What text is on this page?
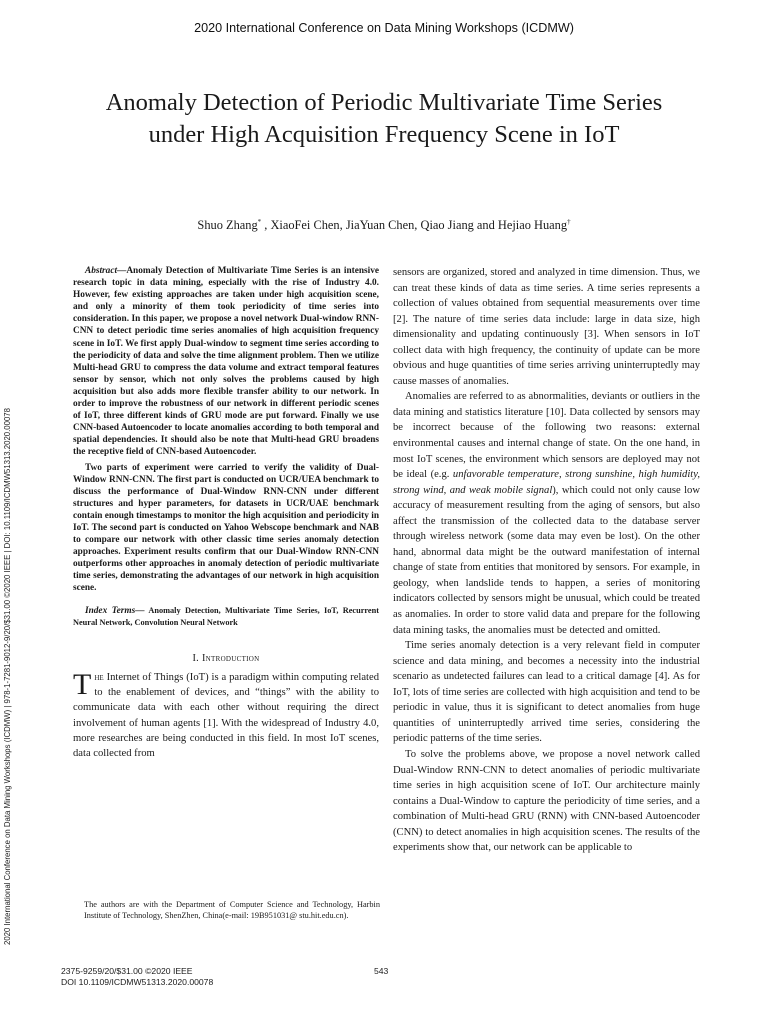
2020 International Conference on Data Mining Workshops (ICDMW)
2020 International Conference on Data Mining Workshops (ICDMW) | 978-1-7281-9012-9/20/$31.00 ©2020 IEEE | DOI: 10.1109/ICDMW51313.2020.00078
Anomaly Detection of Periodic Multivariate Time Series under High Acquisition Frequency Scene in IoT
Shuo Zhang* , XiaoFei Chen, JiaYuan Chen, Qiao Jiang and Hejiao Huang†

Abstract—Anomaly Detection of Multivariate Time Series is an intensive research topic in data mining, especially with the rise of Industry 4.0. However, few existing approaches are taken under high acquisition scene, and only a minority of them took periodicity of time series into consideration. In this paper, we propose a novel network Dual-window RNN-CNN to detect periodic time series anomalies of high acquisition frequency scene in IoT. We first apply Dual-window to segment time series according to the periodicity of data and solve the time alignment problem. Then we utilize Multi-head GRU to compress the data volume and extract temporal features sensor by sensor, which not only solves the problems caused by high acquisition but also adds more flexible transfer ability to our network. In order to improve the robustness of our network in different periodic scenes of IoT, three different kinds of GRU mode are put forward. Finally we use CNN-based Autoencoder to locate anomalies according to both temporal and spatial dependencies. It should also be note that Multi-head GRU broadens the receptive field of CNN-based Autoencoder.

Two parts of experiment were carried to verify the validity of Dual-Window RNN-CNN. The first part is conducted on UCR/UEA benchmark to discuss the performance of Dual-Window RNN-CNN under different structures and hyper parameters, for datasets in UCR/UAE benchmark contain enough timestamps to monitor the high acquisition and periodicity in IoT. The second part is conducted on Yahoo Webscope benchmark and NAB to compare our network with other classic time series anomaly detection approaches. Experiment results confirm that our Dual-Window RNN-CNN outperforms other approaches in anomaly detection of periodic multivariate time series, demonstrating the advantages of our network in high acquisition scene.

Index Terms— Anomaly Detection, Multivariate Time Series, IoT, Recurrent Neural Network, Convolution Neural Network

I. Introduction

The Internet of Things (IoT) is a paradigm within computing related to the enablement of devices, and “things” with the ability to communicate data with each other without requiring the direct involvement of human agents [1]. With the widespread of Industry 4.0, more researches are being conducted in this field. In most IoT scenes, data collected from

The authors are with the Department of Computer Science and Technology, Harbin Institute of Technology, ShenZhen, China(e-mail: 19B951031@ stu.hit.edu.cn).

sensors are organized, stored and analyzed in time dimension. Thus, we can treat these kinds of data as time series. A time series represents a collection of values obtained from sequential measurements over time [2]. The nature of time series data include: large in data size, high dimensionality and updating continuously [3]. When sensors in IoT collect data with high frequency, the continuity of update can be more obvious and huge quantities of time series arriving uninterruptedly may cause masses of anomalies.

Anomalies are referred to as abnormalities, deviants or outliers in the data mining and statistics literature [10]. Data collected by sensors may be incorrect because of the following two reasons: external environmental causes and internal change of state. On the one hand, in most IoT scenes, the environment which sensors are deployed may not be ideal (e.g. unfavorable temperature, strong sunshine, high humidity, strong wind, and weak mobile signal), which could not only cause low accuracy of measurement resulting from the aging of sensors, but also affect the transmission of the collected data to the database server through wireless network (some data may even be lost). On the other hand, abnormal data might be the outward manifestation of internal change of state from entities that monitored by sensors. For example, in geology, when landslide tends to happen, a series of monitoring indicators collected by sensors might be unusual, which could be treated as anomalies. In order to store valid data and prepare for the following data mining tasks, the anomalies must be detected and omitted.

Time series anomaly detection is a very relevant field in computer science and data mining, and becomes a necessity into the industrial scenario as undetected failures can lead to a critical damage [4]. As for IoT, lots of time series are collected with high acquisition and tend to be periodic in value, thus it is significant to detect anomalies from huge quantities of uninterruptedly arrived time series, considering the periodic patterns of the time series.

To solve the problems above, we propose a novel network called Dual-Window RNN-CNN to detect anomalies of periodic multivariate time series in high acquisition scene of IoT. Our architecture mainly contains a Dual-Window to capture the periodicity of time series, and a combination of Multi-head GRU (RNN) with CNN-based Autoencoder (CNN) to detect anomalies in high acquisition scenes. The results of the experiments show that, our network can be applicable to

2375-9259/20/$31.00 ©2020 IEEE
DOI 10.1109/ICDMW51313.2020.00078
543
